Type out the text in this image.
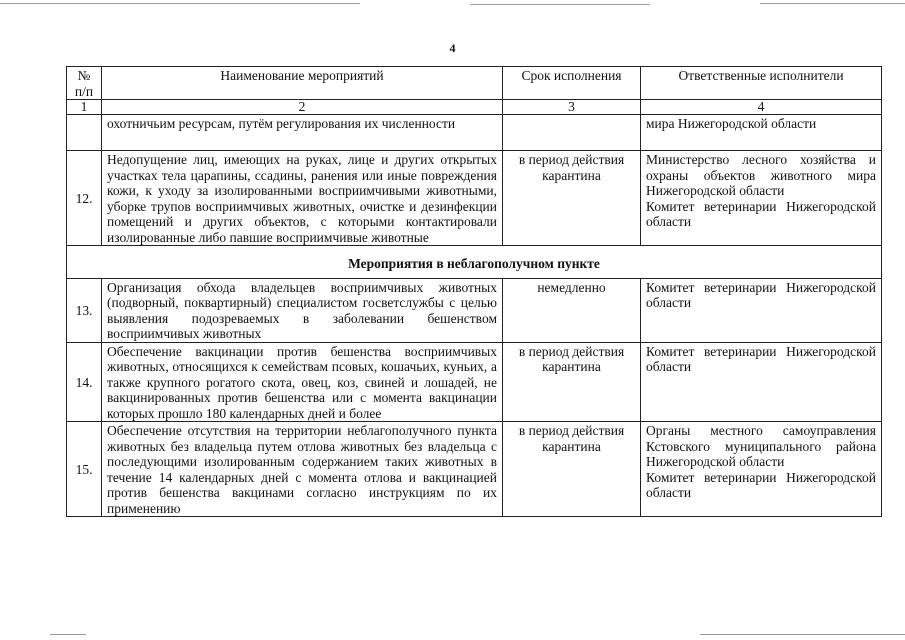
4
№ п/п	Наименование мероприятий	Срок исполнения	Ответственные исполнители
1	2	3	4
	охотничьим ресурсам, путём регулирования их численности		мира Нижегородской области
12.	Недопущение лиц, имеющих на руках, лице и других открытых участках тела царапины, ссадины, ранения или иные повреждения кожи, к уходу за изолированными восприимчивыми животными, уборке трупов восприимчивых животных, очистке и дезинфекции помещений и других объектов, с которыми контактировали изолированные либо павшие восприимчивые животные	в период действия карантина	Министерство лесного хозяйства и охраны объектов животного мира Нижегородской области
Комитет ветеринарии Нижегородской области

Мероприятия в неблагополучном пункте			
13.	Организация обхода владельцев восприимчивых животных (подворный, поквартирный) специалистом госветслужбы с целью выявления подозреваемых в заболевании бешенством восприимчивых животных	немедленно	Комитет ветеринарии Нижегородской области
14.	Обеспечение вакцинации против бешенства восприимчивых животных, относящихся к семействам псовых, кошачьих, куньих, а также крупного рогатого скота, овец, коз, свиней и лошадей, не вакцинированных против бешенства или с момента вакцинации которых прошло 180 календарных дней и более	в период действия карантина	Комитет ветеринарии Нижегородской области
15.	Обеспечение отсутствия на территории неблагополучного пункта животных без владельца путем отлова животных без владельца с последующими изолированным содержанием таких животных в течение 14 календарных дней с момента отлова и вакцинацией против бешенства вакцинами согласно инструкциям по их применению	в период действия карантина	Органы местного самоуправления Кстовского муниципального района Нижегородской области
Комитет ветеринарии Нижегородской области
